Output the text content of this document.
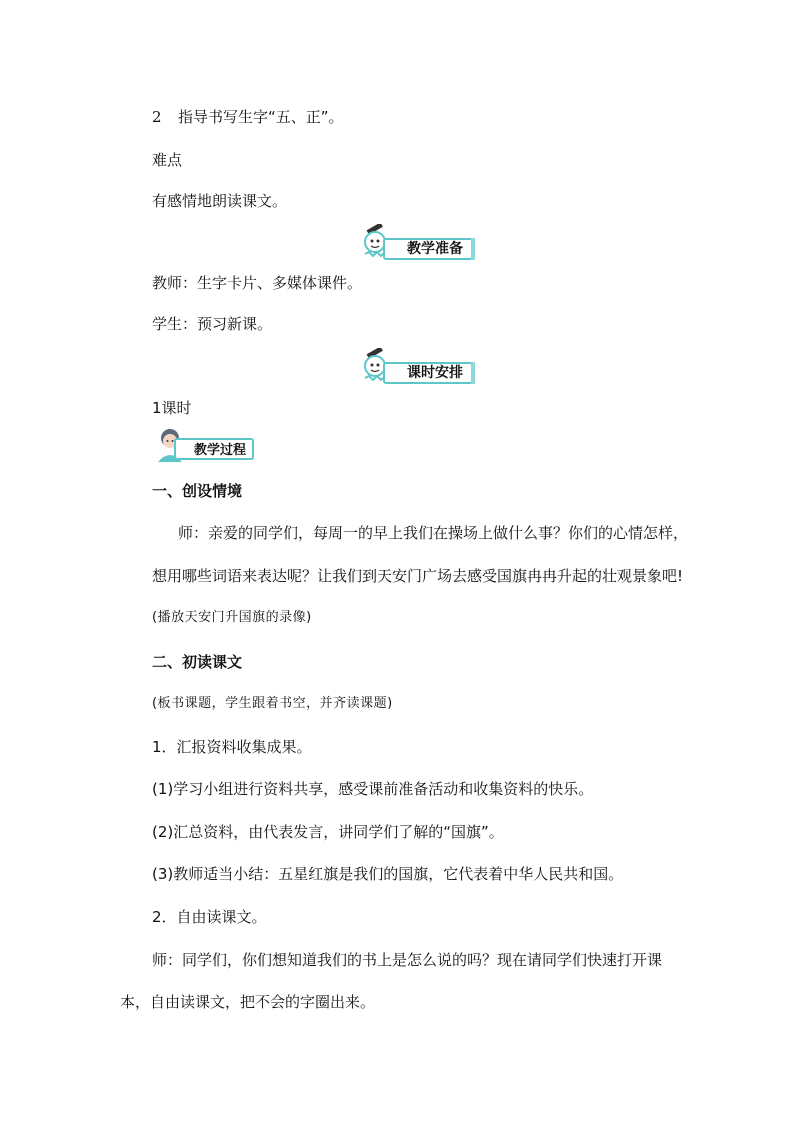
2 指导书写生字“五、正”。
难点
有感情地朗读课文。
教学准备
教师：生字卡片、多媒体课件。
学生：预习新课。
课时安排
1课时
教学过程
一、创设情境
师：亲爱的同学们，每周一的早上我们在操场上做什么事？你们的心情怎样，
想用哪些词语来表达呢？让我们到天安门广场去感受国旗冉冉升起的壮观景象吧!
(播放天安门升国旗的录像)
二、初读课文
(板书课题，学生跟着书空，并齐读课题)
1．汇报资料收集成果。
(1)学习小组进行资料共享，感受课前准备活动和收集资料的快乐。
(2)汇总资料，由代表发言，讲同学们了解的“国旗”。
(3)教师适当小结：五星红旗是我们的国旗，它代表着中华人民共和国。
2．自由读课文。
师：同学们，你们想知道我们的书上是怎么说的吗？现在请同学们快速打开课
本，自由读课文，把不会的字圈出来。
